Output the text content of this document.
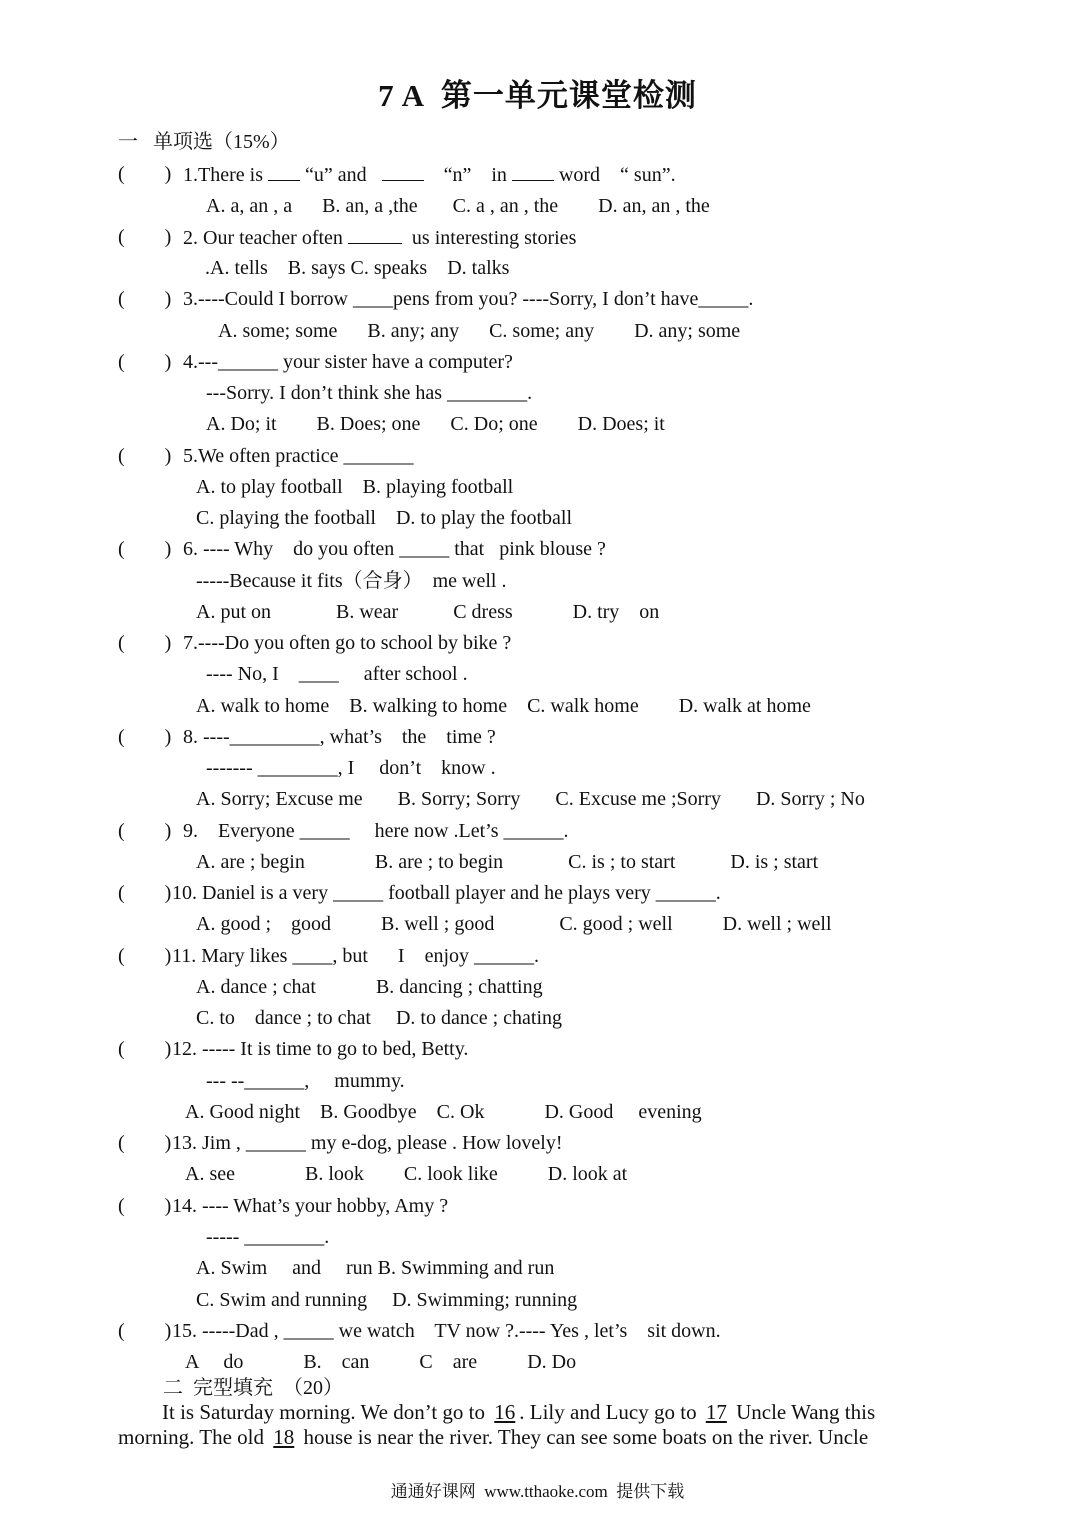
7 A  第一单元课堂检测
一   单项选（15%）
(        ) 1.There is  “u” and       “n”    in  word    “ sun”.
A. a, an , a      B. an, a ,the       C. a , an , the        D. an, an , the
(        ) 2. Our teacher often	us interesting stories
.A. tells    B. says C. speaks    D. talks
(        ) 3.----Could I borrow ____pens from you? ----Sorry, I don’t have_____.
A. some; some      B. any; any      C. some; any        D. any; some
(        ) 4.---______ your sister have a computer?
---Sorry. I don’t think she has ________.
A. Do; it        B. Does; one      C. Do; one        D. Does; it
(        ) 5.We often practice _______
A. to play football    B. playing football
C. playing the football    D. to play the football
(        ) 6. ---- Why    do you often _____ that   pink blouse ?
-----Because it fits（合身）  me well .
A. put on             B. wear           C dress            D. try    on
(        ) 7.----Do you often go to school by bike ?
---- No, I    ____     after school .
A. walk to home    B. walking to home    C. walk home        D. walk at home
(        ) 8. ----_________, what’s    the    time ?
------- ________, I     don’t    know .
A. Sorry; Excuse me       B. Sorry; Sorry       C. Excuse me ;Sorry       D. Sorry ; No
(        ) 9.    Everyone _____     here now .Let’s ______.
A. are ; begin              B. are ; to begin             C. is ; to start           D. is ; start
(        ) 10. Daniel is a very _____ football player and he plays very ______.
A. good ;    good          B. well ; good             C. good ; well          D. well ; well
(        ) 11. Mary likes ____, but      I    enjoy ______.
A. dance ; chat            B. dancing ; chatting
C. to    dance ; to chat     D. to dance ; chating
(        ) 12. ----- It is time to go to bed, Betty.
--- --______,     mummy.
A. Good night    B. Goodbye    C. Ok            D. Good     evening
(        ) 13. Jim , ______ my e-dog, please . How lovely!
A. see              B. look        C. look like          D. look at
(        ) 14. ---- What’s your hobby, Amy ?
----- ________.
A. Swim     and     run B. Swimming and run
C. Swim and running     D. Swimming; running
(        ) 15. -----Dad , _____ we watch    TV now ?.---- Yes , let’s    sit down.
A     do            B.    can          C    are          D. Do
二  完型填充  （20）
It is Saturday morning. We don’t go to 16 . Lily and Lucy go to 17 Uncle Wang this
morning. The old 18 house is near the river. They can see some boats on the river. Uncle
通通好课网  www.tthaoke.com  提供下载
